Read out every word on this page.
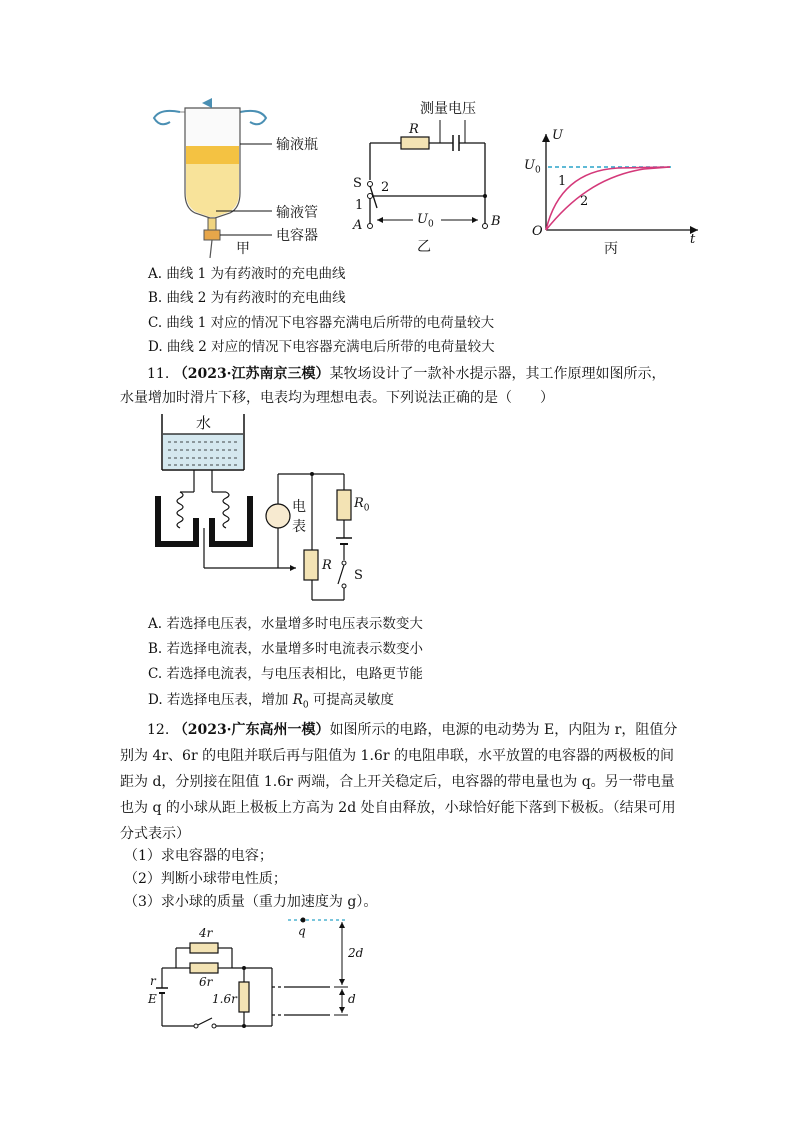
输液瓶
输液管
电容器
甲
测量电压
R
S 2
1
A	B
$U_0$
乙
U
$U_0$
1
2
O
t
丙
A. 曲线 1 为有药液时的充电曲线
B. 曲线 2 为有药液时的充电曲线
C. 曲线 1 对应的情况下电容器充满电后所带的电荷量较大
D. 曲线 2 对应的情况下电容器充满电后所带的电荷量较大
11. （2023·江苏南京三模）某牧场设计了一款补水提示器，其工作原理如图所示，
水量增加时滑片下移，电表均为理想电表。下列说法正确的是（　　）
水
电
表
$R_0$
R
S
A. 若选择电压表，水量增多时电压表示数变大
B. 若选择电流表，水量增多时电流表示数变小
C. 若选择电流表，与电压表相比，电路更节能
D. 若选择电压表，增加 $R_0$ 可提高灵敏度
12. （2023·广东高州一模）如图所示的电路，电源的电动势为 E，内阻为 r，阻值分
别为 4r、6r 的电阻并联后再与阻值为 1.6r 的电阻串联，水平放置的电容器的两极板的间
距为 d，分别接在阻值 1.6r 两端，合上开关稳定后，电容器的带电量也为 q。另一带电量
也为 q 的小球从距上极板上方高为 2d 处自由释放，小球恰好能下落到下极板。（结果可用
分式表示）
（1）求电容器的电容；
（2）判断小球带电性质；
（3）求小球的质量（重力加速度为 g）。
4r
6r
1.6r
r
E
q
2d
d
